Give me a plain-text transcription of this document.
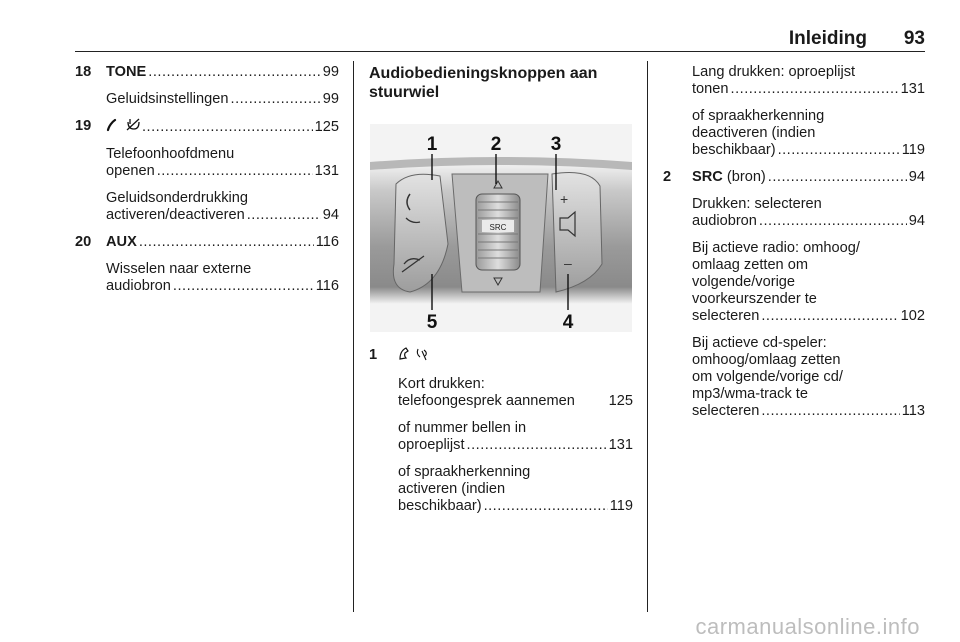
Inleiding 93
18 TONE .....	99
Geluidsinstellingen .....	99
19 .....	125
Telefoonhoofdmenu
openen .....	131
Geluidsonderdrukking
activeren/deactiveren .....	94
20 AUX .....	116
Wisselen naar externe
audiobron .....	116
Audiobedieningsknoppen aan
stuurwiel
SRC
+
–
1	2	3
4
5
1
Kort drukken:
telefoongesprek aannemen 125
of nummer bellen in
oproeplijst .....	131
of spraakherkenning
activeren (indien
beschikbaar) .....	119
Lang drukken: oproeplijst
tonen .....	131
of spraakherkenning
deactiveren (indien
beschikbaar) .....	119
2 SRC (bron) .....	94
Drukken: selecteren
audiobron .....	94
Bij actieve radio: omhoog/
omlaag zetten om
volgende/vorige
voorkeurszender te
selecteren .....	102
Bij actieve cd-speler:
omhoog/omlaag zetten
om volgende/vorige cd/
mp3/wma-track te
selecteren .....	113
carmanualsonline.info
